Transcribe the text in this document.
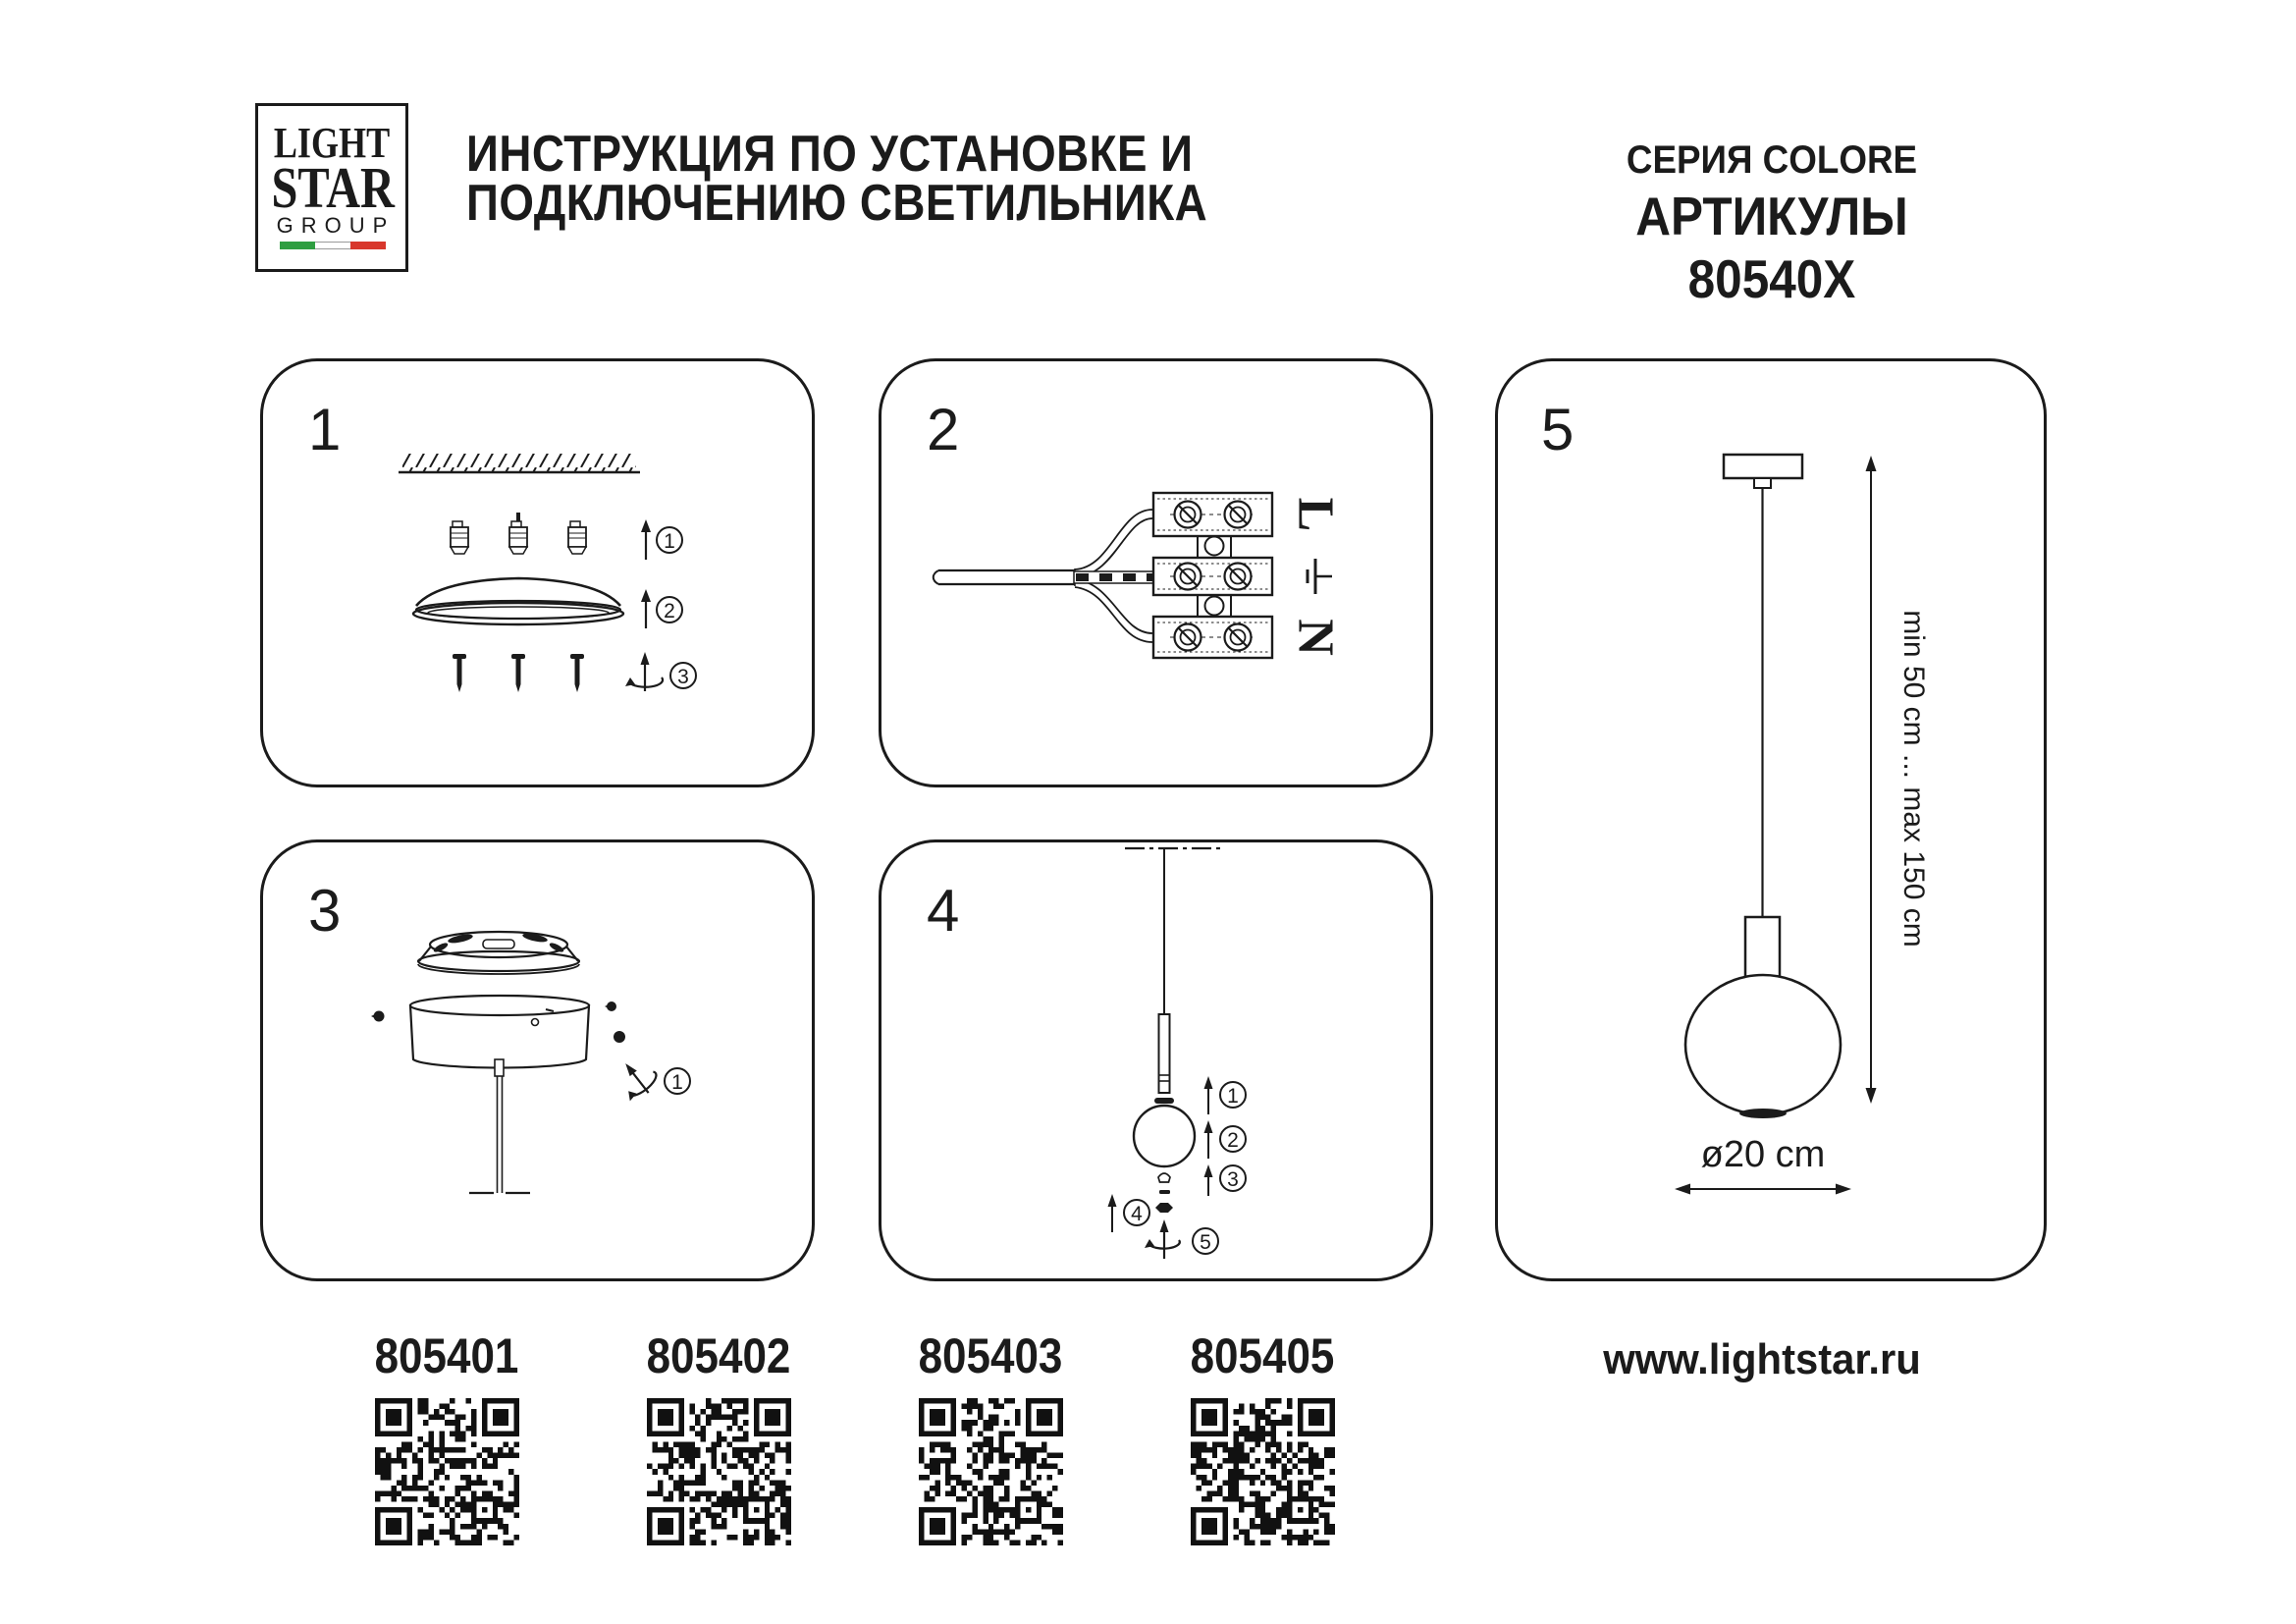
LIGHT
STAR
GROUP
ИНСТРУКЦИЯ ПО УСТАНОВКЕ И
ПОДКЛЮЧЕНИЮ СВЕТИЛЬНИКА
СЕРИЯ COLORE
АРТИКУЛЫ 80540X
1
1
2
3
2
L
N
3
1
4
1
2
3
4
5
5
min 50 cm ... max 150 cm
ø20 cm
805401	805402	805403	805405	www.lightstar.ru
